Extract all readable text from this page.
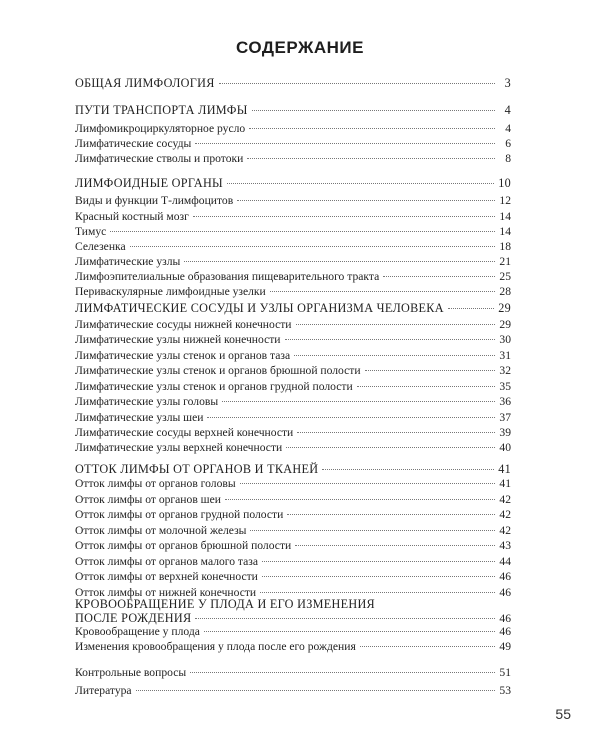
СОДЕРЖАНИЕ
ОБЩАЯ ЛИМФОЛОГИЯ	3
ПУТИ ТРАНСПОРТА ЛИМФЫ	4
Лимфомикроциркуляторное русло	4
Лимфатические сосуды	6
Лимфатические стволы и протоки	8
ЛИМФОИДНЫЕ ОРГАНЫ	10
Виды и функции Т-лимфоцитов	12
Красный костный мозг	14
Тимус	14
Селезенка	18
Лимфатические узлы	21
Лимфоэпителиальные образования пищеварительного тракта	25
Периваскулярные лимфоидные узелки	28
ЛИМФАТИЧЕСКИЕ СОСУДЫ И УЗЛЫ ОРГАНИЗМА ЧЕЛОВЕКА	29
Лимфатические сосуды нижней конечности	29
Лимфатические узлы нижней конечности	30
Лимфатические узлы стенок и органов таза	31
Лимфатические узлы стенок и органов брюшной полости	32
Лимфатические узлы стенок и органов грудной полости	35
Лимфатические узлы головы	36
Лимфатические узлы шеи	37
Лимфатические сосуды верхней конечности	39
Лимфатические узлы верхней конечности	40
ОТТОК ЛИМФЫ ОТ ОРГАНОВ И ТКАНЕЙ	41
Отток лимфы от органов головы	41
Отток лимфы от органов шеи	42
Отток лимфы от органов грудной полости	42
Отток лимфы от молочной железы	42
Отток лимфы от органов брюшной полости	43
Отток лимфы от органов малого таза	44
Отток лимфы от верхней конечности	46
Отток лимфы от нижней конечности	46
КРОВООБРАЩЕНИЕ У ПЛОДА И ЕГО ИЗМЕНЕНИЯ
ПОСЛЕ РОЖДЕНИЯ	46
Кровообращение у плода	46
Изменения кровообращения у плода после его рождения	49
Контрольные вопросы	51
Литература	53
55
